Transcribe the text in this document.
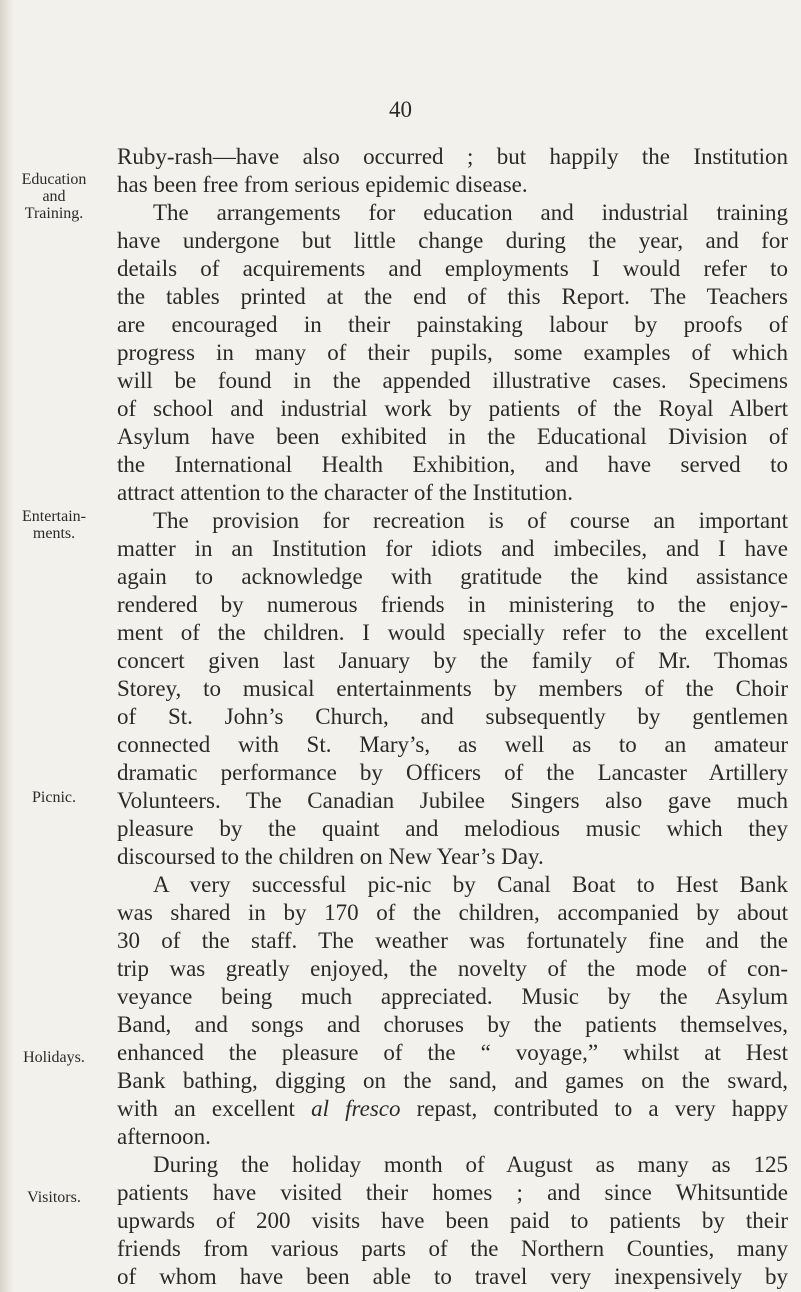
40
Education
and
Training.
Entertain-
ments.
Picnic.
Holidays.
Visitors.
Ruby-rash—have also occurred ; but happily the Institution
has been free from serious epidemic disease.
The arrangements for education and industrial training
have undergone but little change during the year, and for
details of acquirements and employments I would refer to
the tables printed at the end of this Report. The Teachers
are encouraged in their painstaking labour by proofs of
progress in many of their pupils, some examples of which
will be found in the appended illustrative cases. Specimens
of school and industrial work by patients of the Royal Albert
Asylum have been exhibited in the Educational Division of
the International Health Exhibition, and have served to
attract attention to the character of the Institution.
The provision for recreation is of course an important
matter in an Institution for idiots and imbeciles, and I have
again to acknowledge with gratitude the kind assistance
rendered by numerous friends in ministering to the enjoy-
ment of the children. I would specially refer to the excellent
concert given last January by the family of Mr. Thomas
Storey, to musical entertainments by members of the Choir
of St. John’s Church, and subsequently by gentlemen
connected with St. Mary’s, as well as to an amateur
dramatic performance by Officers of the Lancaster Artillery
Volunteers. The Canadian Jubilee Singers also gave much
pleasure by the quaint and melodious music which they
discoursed to the children on New Year’s Day.
A very successful pic-nic by Canal Boat to Hest Bank
was shared in by 170 of the children, accompanied by about
30 of the staff. The weather was fortunately fine and the
trip was greatly enjoyed, the novelty of the mode of con-
veyance being much appreciated. Music by the Asylum
Band, and songs and choruses by the patients themselves,
enhanced the pleasure of the “ voyage,” whilst at Hest
Bank bathing, digging on the sand, and games on the sward,
with an excellent al fresco repast, contributed to a very happy
afternoon.
During the holiday month of August as many as 125
patients have visited their homes ; and since Whitsuntide
upwards of 200 visits have been paid to patients by their
friends from various parts of the Northern Counties, many
of whom have been able to travel very inexpensively by
